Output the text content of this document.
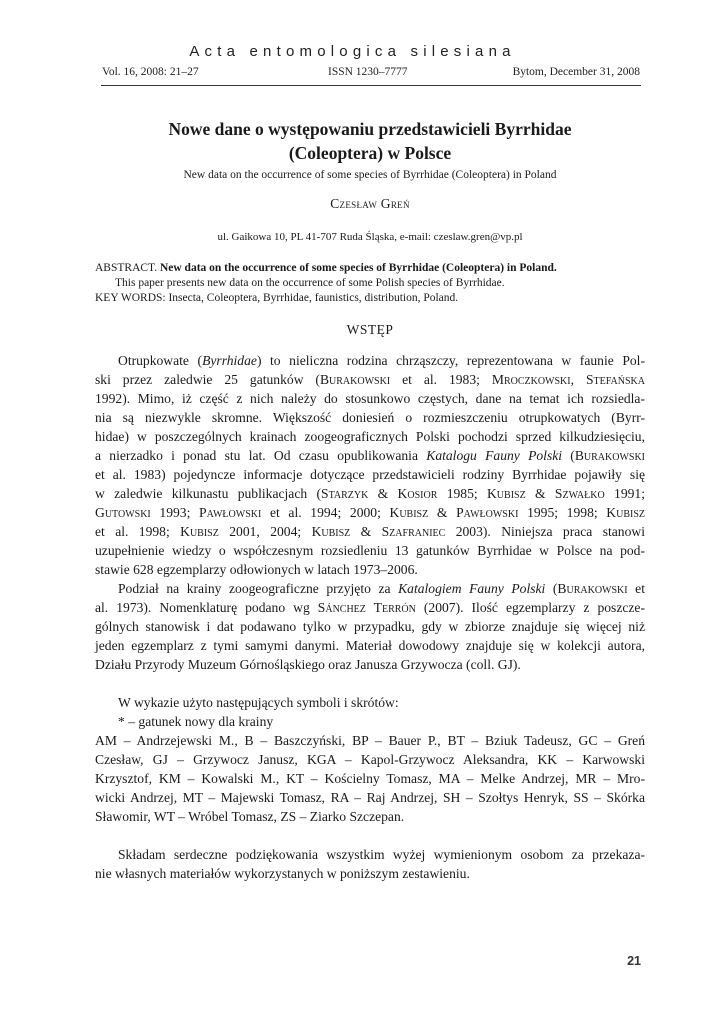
Acta entomologica silesiana
Vol. 16, 2008: 21–27	ISSN 1230–7777	Bytom, December 31, 2008
Nowe dane o występowaniu przedstawicieli Byrrhidae
(Coleoptera) w Polsce
New data on the occurrence of some species of Byrrhidae (Coleoptera) in Poland
Czesław Greń
ul. Gaikowa 10, PL 41-707 Ruda Śląska, e-mail: czeslaw.gren@vp.pl
ABSTRACT. New data on the occurrence of some species of Byrrhidae (Coleoptera) in Poland.
This paper presents new data on the occurrence of some Polish species of Byrrhidae.
KEY WORDS: Insecta, Coleoptera, Byrrhidae, faunistics, distribution, Poland.
WSTĘP
Otrupkowate (Byrrhidae) to nieliczna rodzina chrząszczy, reprezentowana w faunie Pol-
ski przez zaledwie 25 gatunków (Burakowski et al. 1983; Mroczkowski, Stefańska
1992). Mimo, iż część z nich należy do stosunkowo częstych, dane na temat ich rozsiedla-
nia są niezwykle skromne. Większość doniesień o rozmieszczeniu otrupkowatych (Byrr-
hidae) w poszczególnych krainach zoogeograficznych Polski pochodzi sprzed kilkudziesięciu,
a nierzadko i ponad stu lat. Od czasu opublikowania Katalogu Fauny Polski (Burakowski
et al. 1983) pojedyncze informacje dotyczące przedstawicieli rodziny Byrrhidae pojawiły się
w zaledwie kilkunastu publikacjach (Starzyk & Kosior 1985; Kubisz & Szwałko 1991;
Gutowski 1993; Pawłowski et al. 1994; 2000; Kubisz & Pawłowski 1995; 1998; Kubisz
et al. 1998; Kubisz 2001, 2004; Kubisz & Szafraniec 2003). Niniejsza praca stanowi
uzupełnienie wiedzy o współczesnym rozsiedleniu 13 gatunków Byrrhidae w Polsce na pod-
stawie 628 egzemplarzy odłowionych w latach 1973–2006.
Podział na krainy zoogeograficzne przyjęto za Katalogiem Fauny Polski (Burakowski et
al. 1973). Nomenklaturę podano wg Sánchez Terrón (2007). Ilość egzemplarzy z poszcze-
gólnych stanowisk i dat podawano tylko w przypadku, gdy w zbiorze znajduje się więcej niż
jeden egzemplarz z tymi samymi danymi. Materiał dowodowy znajduje się w kolekcji autora,
Działu Przyrody Muzeum Górnośląskiego oraz Janusza Grzywocza (coll. GJ).
W wykazie użyto następujących symboli i skrótów:
* – gatunek nowy dla krainy
AM – Andrzejewski M., B – Baszczyński, BP – Bauer P., BT – Bziuk Tadeusz, GC – Greń
Czesław, GJ – Grzywocz Janusz, KGA – Kapol-Grzywocz Aleksandra, KK – Karwowski
Krzysztof, KM – Kowalski M., KT – Kościelny Tomasz, MA – Melke Andrzej, MR – Mro-
wicki Andrzej, MT – Majewski Tomasz, RA – Raj Andrzej, SH – Szołtys Henryk, SS – Skórka
Sławomir, WT – Wróbel Tomasz, ZS – Ziarko Szczepan.
Składam serdeczne podziękowania wszystkim wyżej wymienionym osobom za przekaza-
nie własnych materiałów wykorzystanych w poniższym zestawieniu.
21
